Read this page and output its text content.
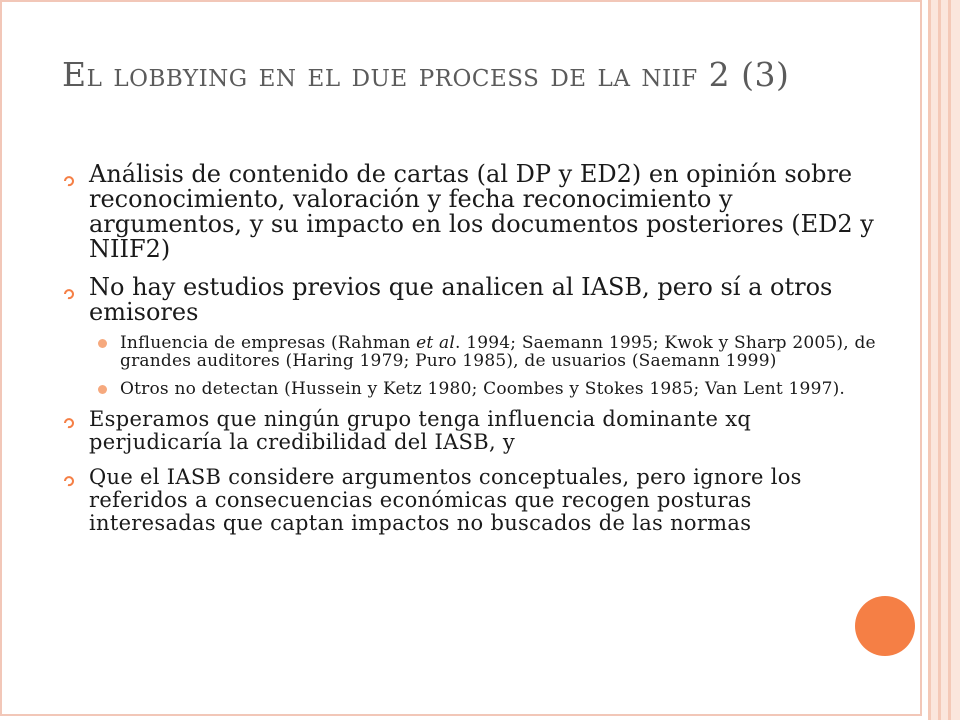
El lobbying en el due process de la niif 2 (3)
Análisis de contenido de cartas (al DP y ED2) en opinión sobre reconocimiento, valoración y fecha reconocimiento y argumentos, y su impacto en los documentos posteriores (ED2 y NIIF2)
No hay estudios previos que analicen al IASB, pero sí a otros emisores
Influencia de empresas (Rahman et al. 1994; Saemann 1995; Kwok y Sharp 2005), de grandes auditores (Haring 1979; Puro 1985), de usuarios (Saemann 1999)
Otros no detectan (Hussein y Ketz 1980; Coombes y Stokes 1985; Van Lent 1997).
Esperamos que ningún grupo tenga influencia dominante xq perjudicaría la credibilidad del IASB, y
Que el IASB considere argumentos conceptuales, pero ignore los referidos a consecuencias económicas que recogen posturas interesadas que captan impactos no buscados de las normas
